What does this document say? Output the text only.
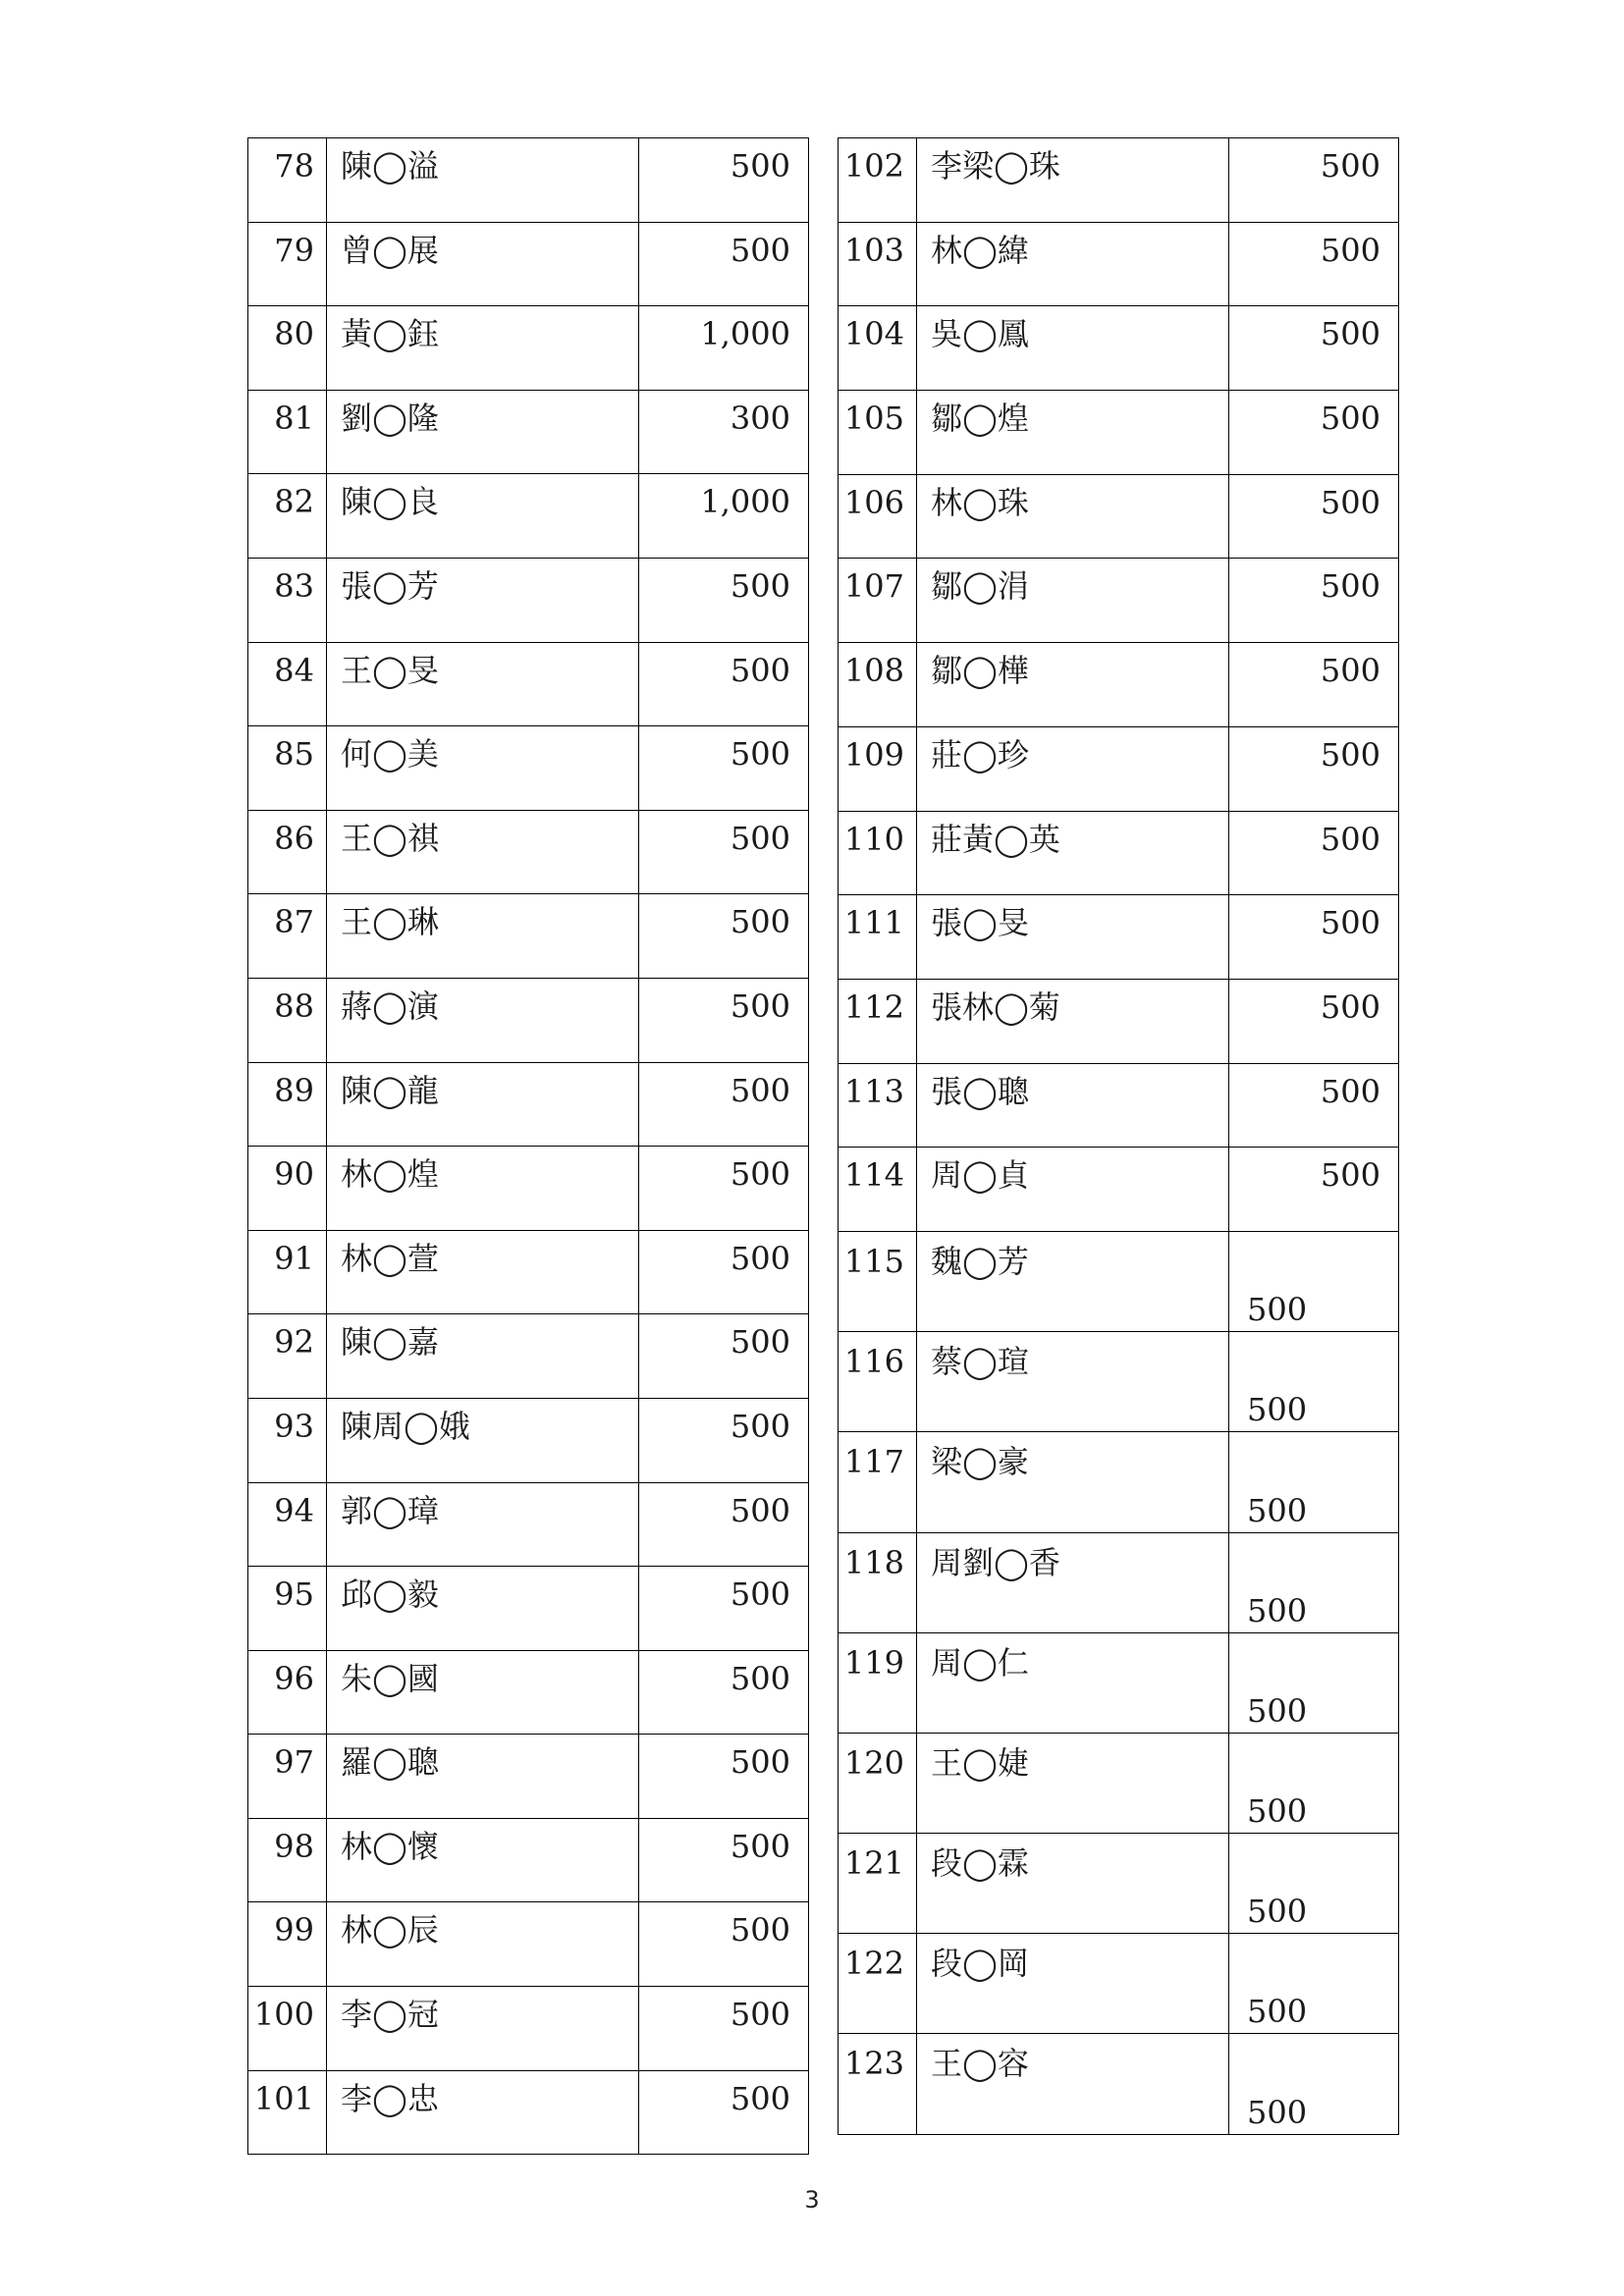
78	陳◯溢	500
79	曾◯展	500
80	黃◯鈺	1,000
81	劉◯隆	300
82	陳◯良	1,000
83	張◯芳	500
84	王◯旻	500
85	何◯美	500
86	王◯祺	500
87	王◯琳	500
88	蔣◯演	500
89	陳◯龍	500
90	林◯煌	500
91	林◯萱	500
92	陳◯嘉	500
93	陳周◯娥	500
94	郭◯璋	500
95	邱◯毅	500
96	朱◯國	500
97	羅◯聰	500
98	林◯懷	500
99	林◯辰	500
100	李◯冠	500
101	李◯忠	500
102	李梁◯珠	500
103	林◯緯	500
104	吳◯鳳	500
105	鄒◯煌	500
106	林◯珠	500
107	鄒◯涓	500
108	鄒◯樺	500
109	莊◯珍	500
110	莊黃◯英	500
111	張◯旻	500
112	張林◯菊	500
113	張◯聰	500
114	周◯貞	500
115	魏◯芳	500
116	蔡◯瑄	500
117	梁◯豪	500
118	周劉◯香	500
119	周◯仁	500
120	王◯婕	500
121	段◯霖	500
122	段◯岡	500
123	王◯容	500
3
